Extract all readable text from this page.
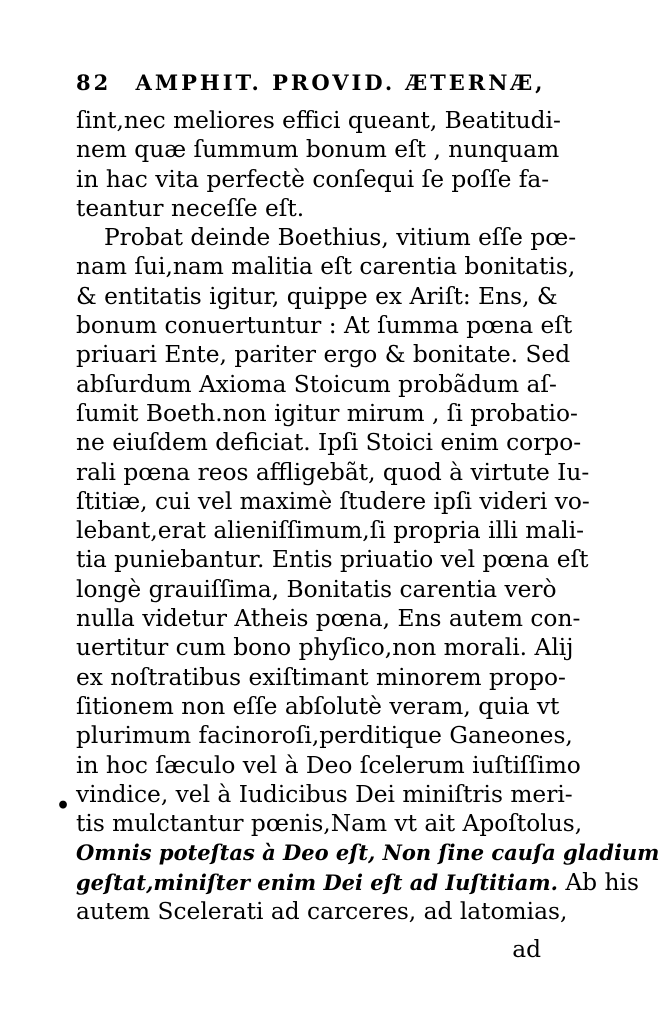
82 AMPHIT. PROVID. ÆTERNÆ,
ſint,nec meliores effici queant, Beatitudi-
nem quæ ſummum bonum eſt , nunquam
in hac vita perfectè conſequi ſe poſſe fa-
teantur neceſſe eſt.
Probat deinde Boethius, vitium eſſe pœ-
nam ſui,nam malitia eſt carentia bonitatis,
& entitatis igitur, quippe ex Ariſt: Ens, &
bonum conuertuntur : At ſumma pœna eſt
priuari Ente, pariter ergo & bonitate. Sed
abſurdum Axioma Stoicum probãdum aſ-
ſumit Boeth.non igitur mirum , ſi probatio-
ne eiuſdem deficiat. Ipſi Stoici enim corpo-
rali pœna reos affligebãt, quod à virtute Iu-
ſtitiæ, cui vel maximè ſtudere ipſi videri vo-
lebant,erat alieniſſimum,ſi propria illi mali-
tia puniebantur. Entis priuatio vel pœna eſt
longè grauiſſima, Bonitatis carentia verò
nulla videtur Atheis pœna, Ens autem con-
uertitur cum bono phyſico,non morali. Alij
ex noſtratibus exiſtimant minorem propo-
ſitionem non eſſe abſolutè veram, quia vt
plurimum facinoroſi,perditique Ganeones,
in hoc ſæculo vel à Deo ſcelerum iuſtiſſimo
vindice, vel à Iudicibus Dei miniſtris meri-
tis mulctantur pœnis,Nam vt ait Apoſtolus,
Omnis poteſtas à Deo eſt, Non ſine cauſa gladium
geſtat,miniſter enim Dei eſt ad Iuſtitiam. Ab his
autem Scelerati ad carceres, ad latomias,
•
ad
